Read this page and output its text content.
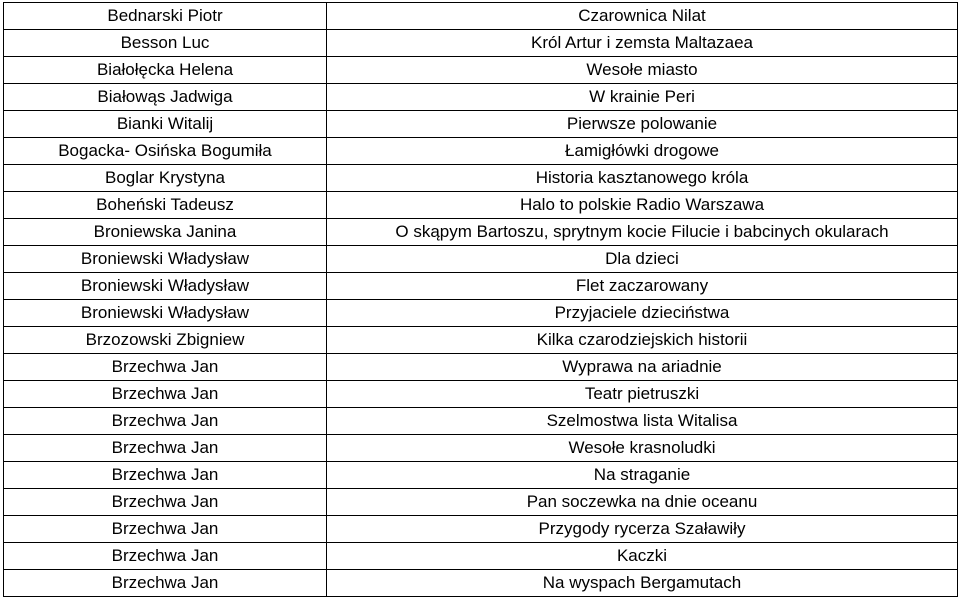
Bednarski Piotr	Czarownica Nilat
Besson Luc	Król Artur i zemsta Maltazaea
Białołęcka Helena	Wesołe miasto
Białowąs Jadwiga	W krainie Peri
Bianki Witalij	Pierwsze polowanie
Bogacka- Osińska Bogumiła	Łamigłówki drogowe
Boglar Krystyna	Historia kasztanowego króla
Boheński Tadeusz	Halo to polskie Radio Warszawa
Broniewska Janina	O skąpym Bartoszu, sprytnym kocie Filucie i babcinych okularach
Broniewski Władysław	Dla dzieci
Broniewski Władysław	Flet zaczarowany
Broniewski Władysław	Przyjaciele dzieciństwa
Brzozowski Zbigniew	Kilka czarodziejskich historii
Brzechwa Jan	Wyprawa na ariadnie
Brzechwa Jan	Teatr pietruszki
Brzechwa Jan	Szelmostwa lista Witalisa
Brzechwa Jan	Wesołe krasnoludki
Brzechwa Jan	Na straganie
Brzechwa Jan	Pan soczewka na dnie oceanu
Brzechwa Jan	Przygody rycerza Szaławiły
Brzechwa Jan	Kaczki
Brzechwa Jan	Na wyspach Bergamutach
